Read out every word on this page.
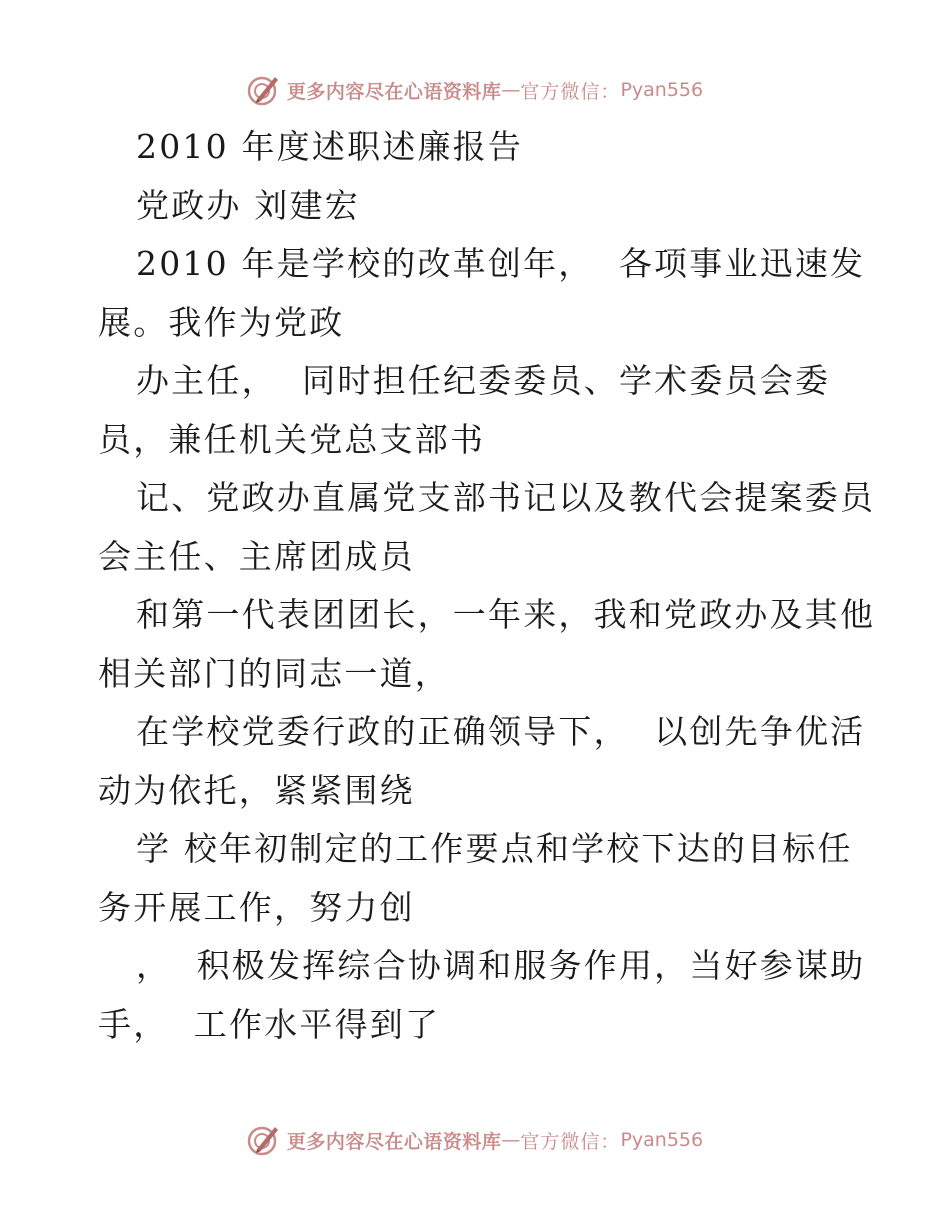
更多内容尽在心语资料库 — 官方微信： Pyan556
2010 年度述职述廉报告
党政办 刘建宏
2010 年是学校的改革创年，  各项事业迅速发
展。我作为党政
办主任，  同时担任纪委委员、学术委员会委
员，兼任机关党总支部书
记、党政办直属党支部书记以及教代会提案委员
会主任、主席团成员
和第一代表团团长，一年来，我和党政办及其他
相关部门的同志一道，
在学校党委行政的正确领导下，  以创先争优活
动为依托，紧紧围绕
学 校年初制定的工作要点和学校下达的目标任
务开展工作，努力创
，  积极发挥综合协调和服务作用，当好参谋助
手，  工作水平得到了
更多内容尽在心语资料库 — 官方微信： Pyan556
